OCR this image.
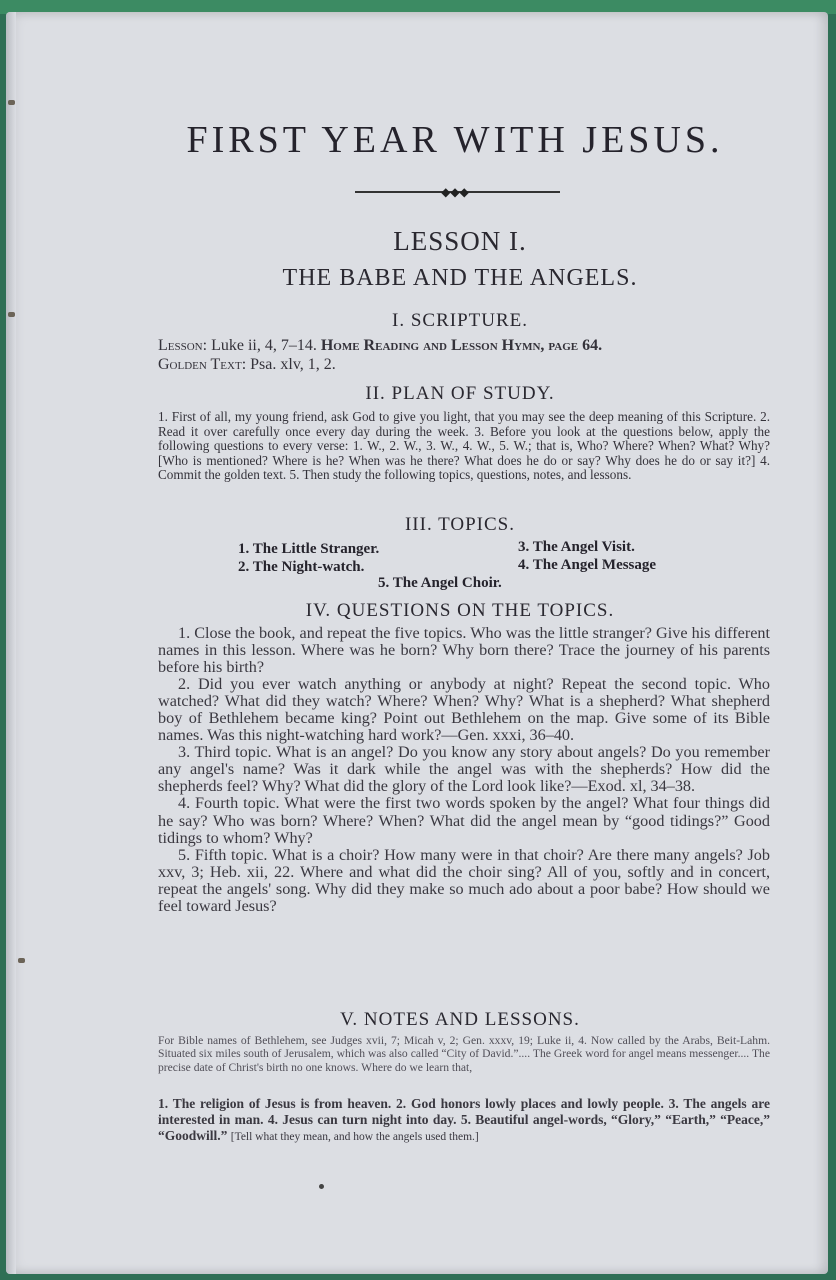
FIRST YEAR WITH JESUS.
◆◆◆
LESSON I.
THE BABE AND THE ANGELS.
I. SCRIPTURE.
Lesson: Luke ii, 4, 7–14. Home Reading and Lesson Hymn, page 64.
Golden Text: Psa. xlv, 1, 2.
II. PLAN OF STUDY.
1. First of all, my young friend, ask God to give you light, that you may see the deep meaning of this Scripture. 2. Read it over carefully once every day during the week. 3. Before you look at the questions below, apply the following questions to every verse: 1. W., 2. W., 3. W., 4. W., 5. W.; that is, Who? Where? When? What? Why? [Who is mentioned? Where is he? When was he there? What does he do or say? Why does he do or say it?] 4. Commit the golden text. 5. Then study the following topics, questions, notes, and lessons.
III. TOPICS.
1. The Little Stranger.
2. The Night-watch.
3. The Angel Visit.
4. The Angel Message
5. The Angel Choir.
IV. QUESTIONS ON THE TOPICS.

1. Close the book, and repeat the five topics. Who was the little stranger? Give his different names in this lesson. Where was he born? Why born there? Trace the journey of his parents before his birth?

2. Did you ever watch anything or anybody at night? Repeat the second topic. Who watched? What did they watch? Where? When? Why? What is a shepherd? What shepherd boy of Bethlehem became king? Point out Bethlehem on the map. Give some of its Bible names. Was this night-watching hard work?—Gen. xxxi, 36–40.

3. Third topic. What is an angel? Do you know any story about angels? Do you remember any angel's name? Was it dark while the angel was with the shepherds? How did the shepherds feel? Why? What did the glory of the Lord look like?—Exod. xl, 34–38.

4. Fourth topic. What were the first two words spoken by the angel? What four things did he say? Who was born? Where? When? What did the angel mean by “good tidings?” Good tidings to whom? Why?

5. Fifth topic. What is a choir? How many were in that choir? Are there many angels? Job xxv, 3; Heb. xii, 22. Where and what did the choir sing? All of you, softly and in concert, repeat the angels' song. Why did they make so much ado about a poor babe? How should we feel toward Jesus?

V. NOTES AND LESSONS.
For Bible names of Bethlehem, see Judges xvii, 7; Micah v, 2; Gen. xxxv, 19; Luke ii, 4. Now called by the Arabs, Beit-Lahm. Situated six miles south of Jerusalem, which was also called “City of David.”.... The Greek word for angel means messenger.... The precise date of Christ's birth no one knows. Where do we learn that,
1. The religion of Jesus is from heaven. 2. God honors lowly places and lowly people. 3. The angels are interested in man. 4. Jesus can turn night into day. 5. Beautiful angel-words, “Glory,” “Earth,” “Peace,” “Goodwill.” [Tell what they mean, and how the angels used them.]
